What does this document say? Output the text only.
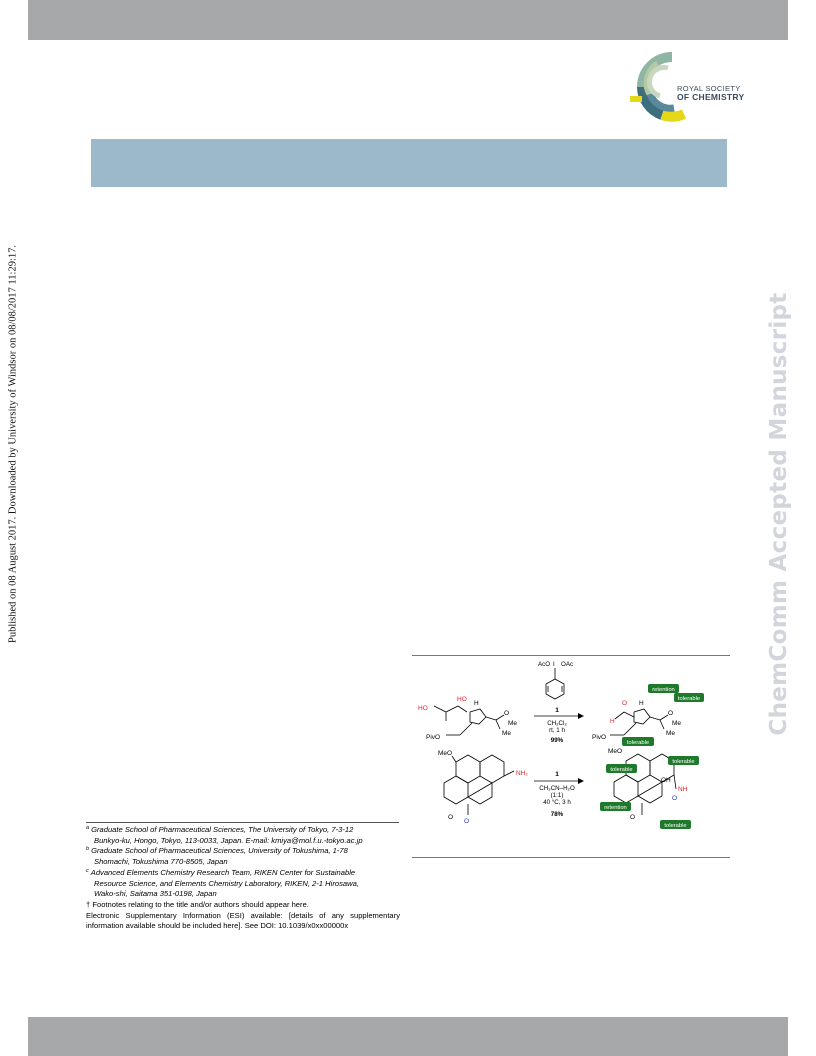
ROYAL SOCIETY
OF CHEMISTRY
Published on 08 August 2017. Downloaded by University of Windsor on 08/08/2017 11:29:17.	ChemComm Accepted Manuscript
AcO I OAc
1
CH₂Cl₂
rt, 1 h
99%
1
CH₃CN–H₂O
(1:1)
40 °C, 3 h
78%
HO
HO
H
O
Me
Me
PivO
O
H
H
O
Me
Me
PivO
MeO
NH₂
O
O
MeO
OH
NH
O
O
retention
tolerable
tolerable
tolerable
tolerable
retention
tolerable
$^a$ Graduate School of Pharmaceutical Sciences, The University of Tokyo, 7-3-12
Bunkyo-ku, Hongo, Tokyo, 113-0033, Japan. E-mail: kmiya@mol.f.u.-tokyo.ac.jp
$^b$ Graduate School of Pharmaceutical Sciences, University of Tokushima, 1-78
Shomachi, Tokushima 770-8505, Japan
$^c$ Advanced Elements Chemistry Research Team, RIKEN Center for Sustainable
Resource Science, and Elements Chemistry Laboratory, RIKEN, 2-1 Hirosawa,
Wako-shi, Saitama 351-0198, Japan
† Footnotes relating to the title and/or authors should appear here.
Electronic Supplementary Information (ESI) available: [details of any supplementary information available should be included here]. See DOI: 10.1039/x0xx00000x
